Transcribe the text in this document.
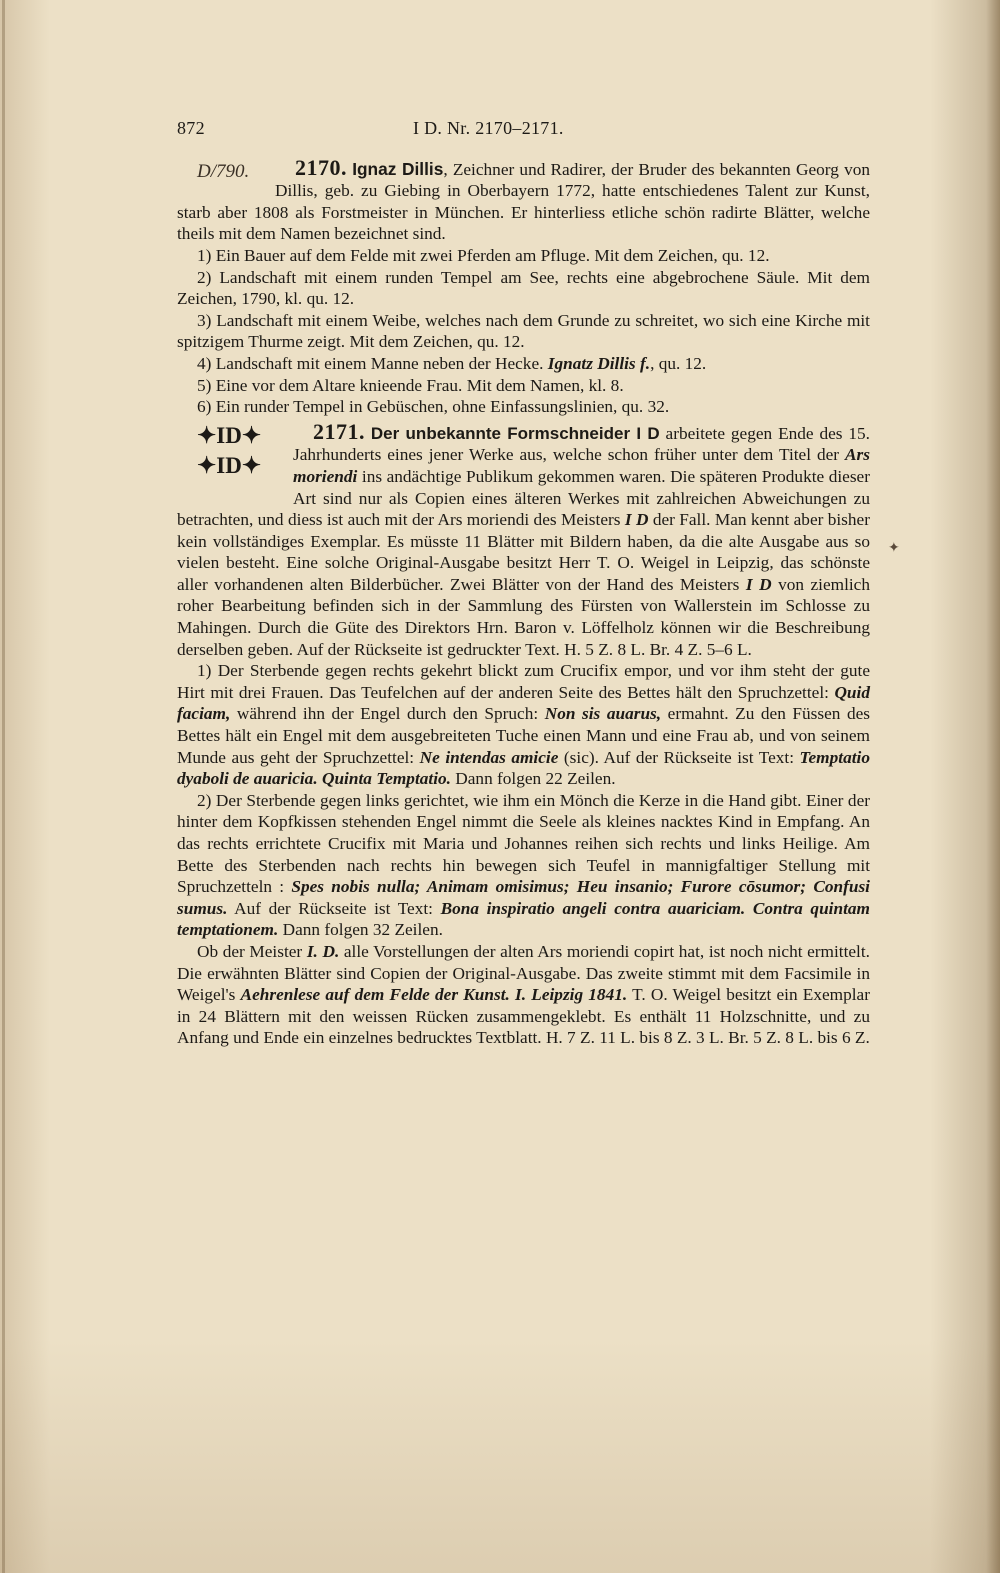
✦
872	I D. Nr. 2170–2171.

2170. Ignaz Dillis
D/790.	, Zeichner und Radirer, der Bruder des bekannten Georg von Dillis, geb. zu Giebing in Oberbayern 1772, hatte entschiedenes Talent zur Kunst, starb aber 1808 als Forstmeister in München. Er hinterliess etliche schön radirte Blätter, welche theils mit dem Namen bezeichnet sind.

1) Ein Bauer auf dem Felde mit zwei Pferden am Pfluge. Mit dem Zeichen, qu. 12.

2) Landschaft mit einem runden Tempel am See, rechts eine abgebrochene Säule. Mit dem Zeichen, 1790, kl. qu. 12.

3) Landschaft mit einem Weibe, welches nach dem Grunde zu schreitet, wo sich eine Kirche mit spitzigem Thurme zeigt. Mit dem Zeichen, qu. 12.

4) Landschaft mit einem Manne neben der Hecke. Ignatz Dillis f., qu. 12.

5) Eine vor dem Altare knieende Frau. Mit dem Namen, kl. 8.

6) Ein runder Tempel in Gebüschen, ohne Einfassungslinien, qu. 32.

2171. Der unbekannte Formschneider I D
✦ID✦
✦ID✦
arbeitete gegen Ende des 15. Jahrhunderts eines jener Werke aus, welche schon früher unter dem Titel der Ars moriendi ins andächtige Publikum gekommen waren. Die späteren Produkte dieser Art sind nur als Copien eines älteren Werkes mit zahlreichen Abweichungen zu betrachten, und diess ist auch mit der Ars moriendi des Meisters I D der Fall. Man kennt aber bisher kein vollständiges Exemplar. Es müsste 11 Blätter mit Bildern haben, da die alte Ausgabe aus so vielen besteht. Eine solche Original-Ausgabe besitzt Herr T. O. Weigel in Leipzig, das schönste aller vorhandenen alten Bilderbücher. Zwei Blätter von der Hand des Meisters I D von ziemlich roher Bearbeitung befinden sich in der Sammlung des Fürsten von Wallerstein im Schlosse zu Mahingen. Durch die Güte des Direktors Hrn. Baron v. Löffelholz können wir die Beschreibung derselben geben. Auf der Rückseite ist gedruckter Text. H. 5 Z. 8 L. Br. 4 Z. 5–6 L.

1) Der Sterbende gegen rechts gekehrt blickt zum Crucifix empor, und vor ihm steht der gute Hirt mit drei Frauen. Das Teufelchen auf der anderen Seite des Bettes hält den Spruchzettel: Quid faciam, während ihn der Engel durch den Spruch: Non sis auarus, ermahnt. Zu den Füssen des Bettes hält ein Engel mit dem ausgebreiteten Tuche einen Mann und eine Frau ab, und von seinem Munde aus geht der Spruchzettel: Ne intendas amicie (sic). Auf der Rückseite ist Text: Temptatio dyaboli de auaricia. Quinta Temptatio. Dann folgen 22 Zeilen.

2) Der Sterbende gegen links gerichtet, wie ihm ein Mönch die Kerze in die Hand gibt. Einer der hinter dem Kopfkissen stehenden Engel nimmt die Seele als kleines nacktes Kind in Empfang. An das rechts errichtete Crucifix mit Maria und Johannes reihen sich rechts und links Heilige. Am Bette des Sterbenden nach rechts hin bewegen sich Teufel in mannigfaltiger Stellung mit Spruchzetteln : Spes nobis nulla; Animam omisimus; Heu insanio; Furore cōsumor; Confusi sumus. Auf der Rückseite ist Text: Bona inspiratio angeli contra auariciam. Contra quintam temptationem. Dann folgen 32 Zeilen.

Ob der Meister I. D. alle Vorstellungen der alten Ars moriendi copirt hat, ist noch nicht ermittelt. Die erwähnten Blätter sind Copien der Original-Ausgabe. Das zweite stimmt mit dem Facsimile in Weigel's Aehrenlese auf dem Felde der Kunst. I. Leipzig 1841. T. O. Weigel besitzt ein Exemplar in 24 Blättern mit den weissen Rücken zusammengeklebt. Es enthält 11 Holzschnitte, und zu Anfang und Ende ein einzelnes bedrucktes Textblatt. H. 7 Z. 11 L. bis 8 Z. 3 L. Br. 5 Z. 8 L. bis 6 Z.
